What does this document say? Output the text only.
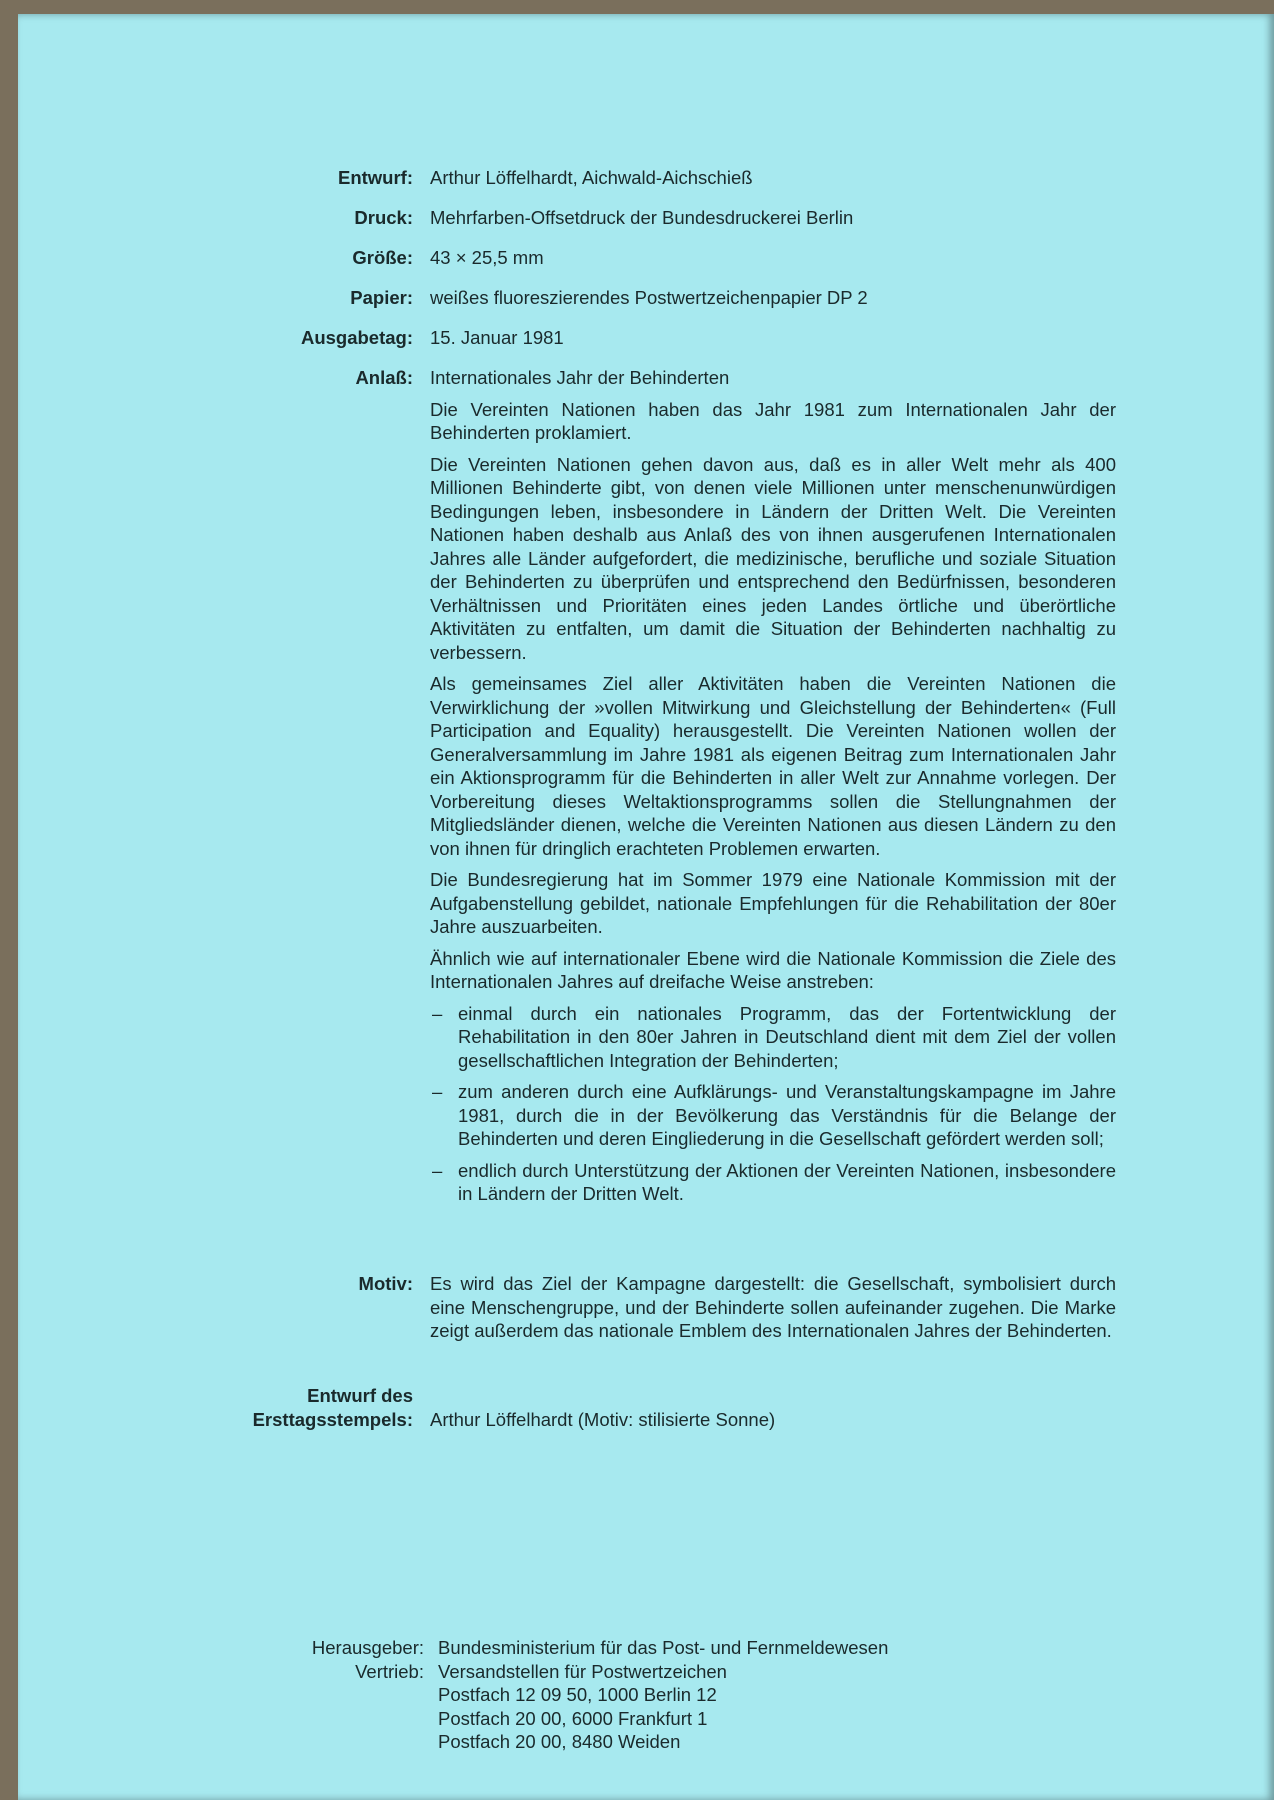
Entwurf: Arthur Löffelhardt, Aichwald-Aichschieß
Druck: Mehrfarben-Offsetdruck der Bundesdruckerei Berlin
Größe: 43 × 25,5 mm
Papier: weißes fluoreszierendes Postwertzeichenpapier DP 2
Ausgabetag: 15. Januar 1981
Anlaß: Internationales Jahr der Behinderten

Die Vereinten Nationen haben das Jahr 1981 zum Internationalen Jahr der Behinderten proklamiert.

Die Vereinten Nationen gehen davon aus, daß es in aller Welt mehr als 400 Millionen Behinderte gibt, von denen viele Millionen unter menschenunwürdigen Bedingungen leben, insbesondere in Ländern der Dritten Welt. Die Vereinten Nationen haben deshalb aus Anlaß des von ihnen ausgerufenen Internationalen Jahres alle Länder aufgefordert, die medizinische, berufliche und soziale Situation der Behinderten zu überprüfen und entsprechend den Bedürfnissen, besonderen Verhältnissen und Prioritäten eines jeden Landes örtliche und überörtliche Aktivitäten zu entfalten, um damit die Situation der Behinderten nachhaltig zu verbessern.

Als gemeinsames Ziel aller Aktivitäten haben die Vereinten Nationen die Verwirklichung der »vollen Mitwirkung und Gleichstellung der Behinderten« (Full Participation and Equality) herausgestellt. Die Vereinten Nationen wollen der Generalversammlung im Jahre 1981 als eigenen Beitrag zum Internationalen Jahr ein Aktionsprogramm für die Behinderten in aller Welt zur Annahme vorlegen. Der Vorbereitung dieses Weltaktionsprogramms sollen die Stellungnahmen der Mitgliedsländer dienen, welche die Vereinten Nationen aus diesen Ländern zu den von ihnen für dringlich erachteten Problemen erwarten.

Die Bundesregierung hat im Sommer 1979 eine Nationale Kommission mit der Aufgabenstellung gebildet, nationale Empfehlungen für die Rehabilitation der 80er Jahre auszuarbeiten.

Ähnlich wie auf internationaler Ebene wird die Nationale Kommission die Ziele des Internationalen Jahres auf dreifache Weise anstreben:

– einmal durch ein nationales Programm, das der Fortentwicklung der Rehabilitation in den 80er Jahren in Deutschland dient mit dem Ziel der vollen gesellschaftlichen Integration der Behinderten;
– zum anderen durch eine Aufklärungs- und Veranstaltungskampagne im Jahre 1981, durch die in der Bevölkerung das Verständnis für die Belange der Behinderten und deren Eingliederung in die Gesellschaft gefördert werden soll;
– endlich durch Unterstützung der Aktionen der Vereinten Nationen, insbesondere in Ländern der Dritten Welt.
Motiv: Es wird das Ziel der Kampagne dargestellt: die Gesellschaft, symbolisiert durch eine Menschengruppe, und der Behinderte sollen aufeinander zugehen. Die Marke zeigt außerdem das nationale Emblem des Internationalen Jahres der Behinderten.

Entwurf des
Ersttagsstempels: Arthur Löffelhardt (Motiv: stilisierte Sonne)
Herausgeber:
Vertrieb:
Bundesministerium für das Post- und Fernmeldewesen
Versandstellen für Postwertzeichen
Postfach 12 09 50, 1000 Berlin 12
Postfach 20 00, 6000 Frankfurt 1
Postfach 20 00, 8480 Weiden
